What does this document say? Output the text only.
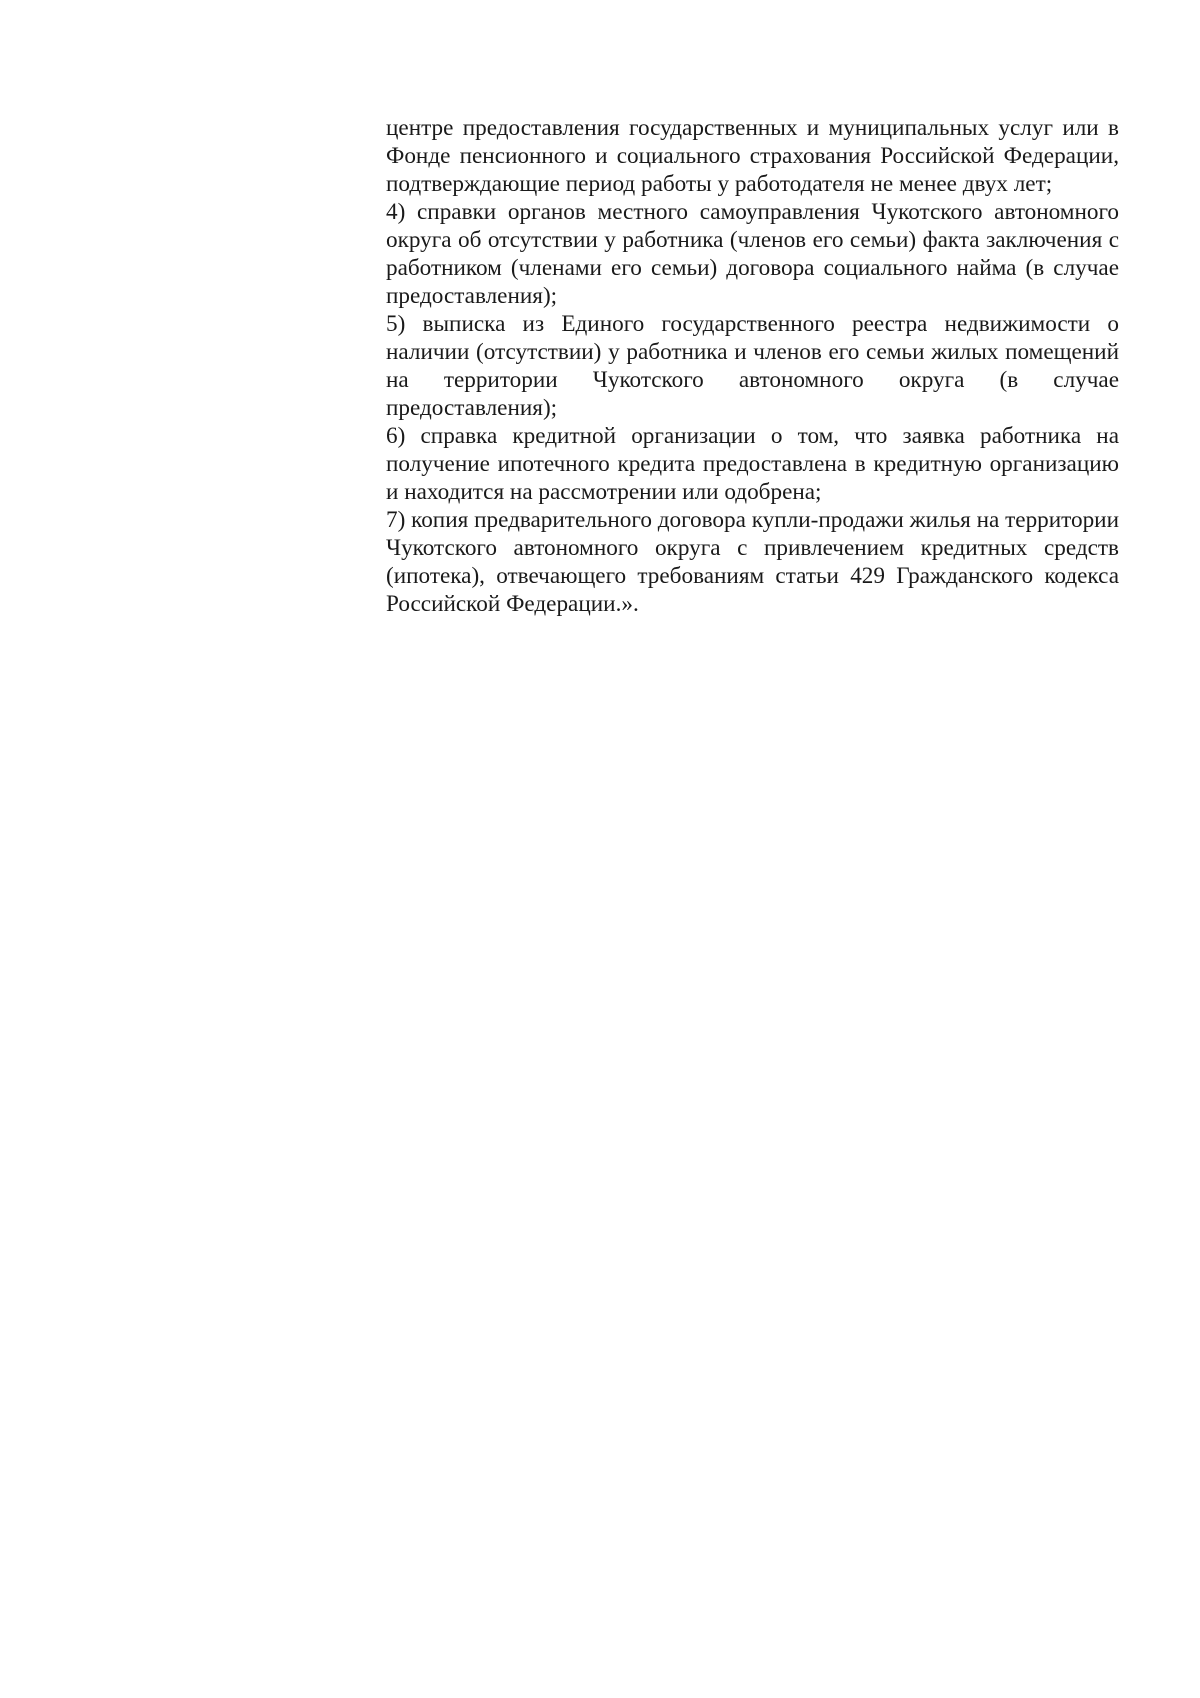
центре предоставления государственных и муниципальных услуг или в Фонде пенсионного и социального страхования Российской Федерации, подтверждающие период работы у работодателя не менее двух лет;

4) справки органов местного самоуправления Чукотского автономного округа об отсутствии у работника (членов его семьи) факта заключения с работником (членами его семьи) договора социального найма (в случае предоставления);

5) выписка из Единого государственного реестра недвижимости о наличии (отсутствии) у работника и членов его семьи жилых помещений на территории Чукотского автономного округа (в случае предоставления);

6) справка кредитной организации о том, что заявка работника на получение ипотечного кредита предоставлена в кредитную организацию и находится на рассмотрении или одобрена;

7) копия предварительного договора купли-продажи жилья на территории Чукотского автономного округа с привлечением кредитных средств (ипотека), отвечающего требованиям статьи 429 Гражданского кодекса Российской Федерации.».
